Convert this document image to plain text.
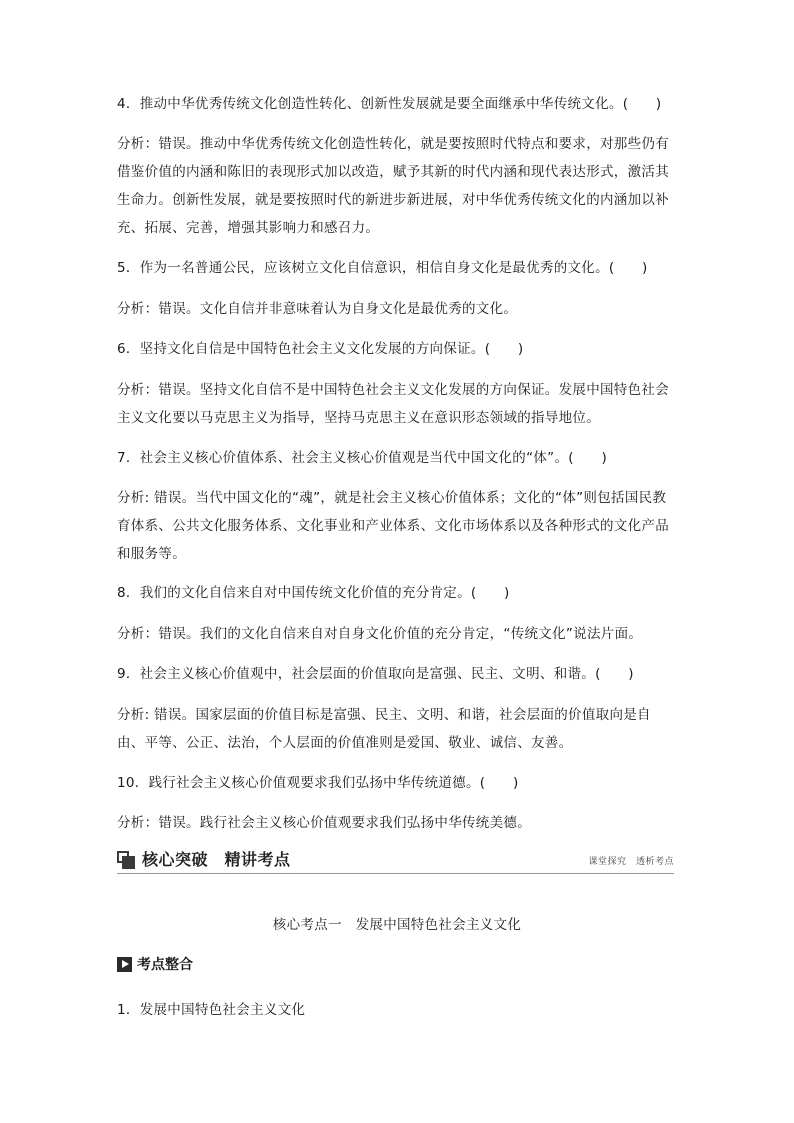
4．推动中华优秀传统文化创造性转化、创新性发展就是要全面继承中华传统文化。(　　)
分析：错误。推动中华优秀传统文化创造性转化，就是要按照时代特点和要求，对那些仍有借鉴价值的内涵和陈旧的表现形式加以改造，赋予其新的时代内涵和现代表达形式，激活其生命力。创新性发展，就是要按照时代的新进步新进展，对中华优秀传统文化的内涵加以补充、拓展、完善，增强其影响力和感召力。
5．作为一名普通公民，应该树立文化自信意识，相信自身文化是最优秀的文化。(　　)
分析：错误。文化自信并非意味着认为自身文化是最优秀的文化。
6．坚持文化自信是中国特色社会主义文化发展的方向保证。(　　)
分析：错误。坚持文化自信不是中国特色社会主义文化发展的方向保证。发展中国特色社会主义文化要以马克思主义为指导，坚持马克思主义在意识形态领域的指导地位。
7．社会主义核心价值体系、社会主义核心价值观是当代中国文化的“体”。(　　)
分析: 错误。当代中国文化的“魂”，就是社会主义核心价值体系；文化的“体”则包括国民教育体系、公共文化服务体系、文化事业和产业体系、文化市场体系以及各种形式的文化产品和服务等。
8．我们的文化自信来自对中国传统文化价值的充分肯定。(　　)
分析：错误。我们的文化自信来自对自身文化价值的充分肯定，“传统文化”说法片面。
9．社会主义核心价值观中，社会层面的价值取向是富强、民主、文明、和谐。(　　)
分析: 错误。国家层面的价值目标是富强、民主、文明、和谐，社会层面的价值取向是自由、平等、公正、法治，个人层面的价值准则是爱国、敬业、诚信、友善。
10．践行社会主义核心价值观要求我们弘扬中华传统道德。(　　)
分析：错误。践行社会主义核心价值观要求我们弘扬中华传统美德。
核心突破　精讲考点	课堂探究　透析考点
核心考点一　发展中国特色社会主义文化
考点整合
1．发展中国特色社会主义文化
